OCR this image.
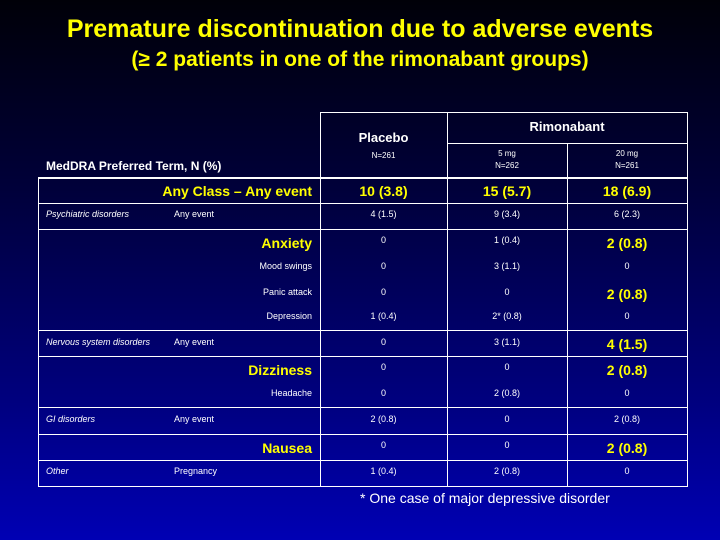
Premature discontinuation due to adverse events
(≥ 2 patients in one of the rimonabant groups)
MedDRA Preferred Term, N (%)
Placebo
N=261
Rimonabant
5 mg
N=262
20 mg
N=261
Any Class – Any event	10 (3.8)	15 (5.7)	18 (6.9)
Psychiatric disorders	Any event	4 (1.5)	9 (3.4)	6 (2.3)
Anxiety	0	1 (0.4)	2 (0.8)
Mood swings	0	3 (1.1)	0
Panic attack	0	0	2 (0.8)
Depression	1 (0.4)	2* (0.8)	0
Nervous system disorders	Any event	0	3 (1.1)	4 (1.5)
Dizziness	0	0	2 (0.8)
Headache	0	2 (0.8)	0
GI disorders	Any event	2 (0.8)	0	2 (0.8)
Nausea	0	0	2 (0.8)
Other	Pregnancy	1 (0.4)	2 (0.8)	0
* One case of major depressive disorder
